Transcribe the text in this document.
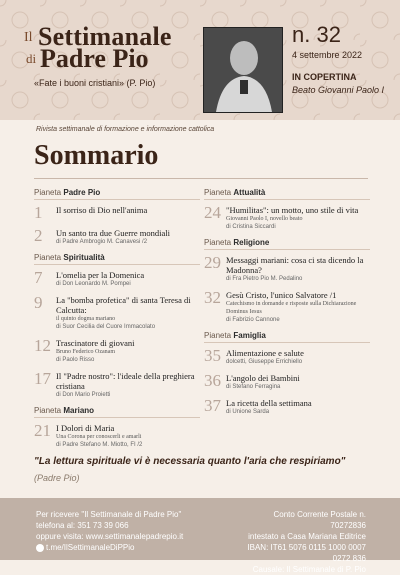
Il Settimanale
di Padre Pio
«Fate i buoni cristiani» (P. Pio)
n. 32
4 settembre 2022
IN COPERTINA
Beato Giovanni Paolo I
Rivista settimanale di formazione e informazione cattolica
Sommario
Pianeta Padre Pio
1	Il sorriso di Dio nell'anima
2	Un santo tra due Guerre mondiali
di Padre Ambrogio M. Canavesi /2
Pianeta Spiritualità
7	L'omelia per la Domenica
di Don Leonardo M. Pompei
9	La "bomba profetica" di santa Teresa di Calcutta:
il quinto dogma mariano
di Suor Cecilia del Cuore Immacolato
12 Trascinatore di giovani
Bruno Federico Ozanam
di Paolo Risso
17 Il "Padre nostro": l'ideale della preghiera cristiana
di Don Mario Proietti
Pianeta Mariano
21 I Dolori di Maria
Una Corona per conoscerli e amarli
di Padre Stefano M. Miotto, FI /2
Pianeta Attualità
24 "Humilitas": un motto, uno stile di vita
Giovanni Paolo I, novello beato
di Cristina Siccardi
Pianeta Religione
29 Messaggi mariani: cosa ci sta dicendo la Madonna?
di Fra Pietro Pio M. Pedalino
32 Gesù Cristo, l'unico Salvatore /1
Catechismo in domande e risposte sulla Dichiarazione Dominus Iesus
di Fabrizio Cannone
Pianeta Famiglia
35 Alimentazione e salute
dolcetti, Giuseppe Errichiello
36 L'angolo dei Bambini
di Stefano Ferragina
37 La ricetta della settimana
di Unione Sarda
"La lettura spirituale vi è necessaria quanto l'aria che respiriamo"
(Padre Pio)
Per ricevere "Il Settimanale di Padre Pio"
telefona al: 351 73 39 066
oppure visita: www.settimanalepadrepio.it
t.me/IlSettimanaleDiPPio
Conto Corrente Postale n. 70272836
intestato a Casa Mariana Editrice
IBAN: IT61 5076 0115 1000 0007 0272 836
Causale: Il Settimanale di P. Pio
